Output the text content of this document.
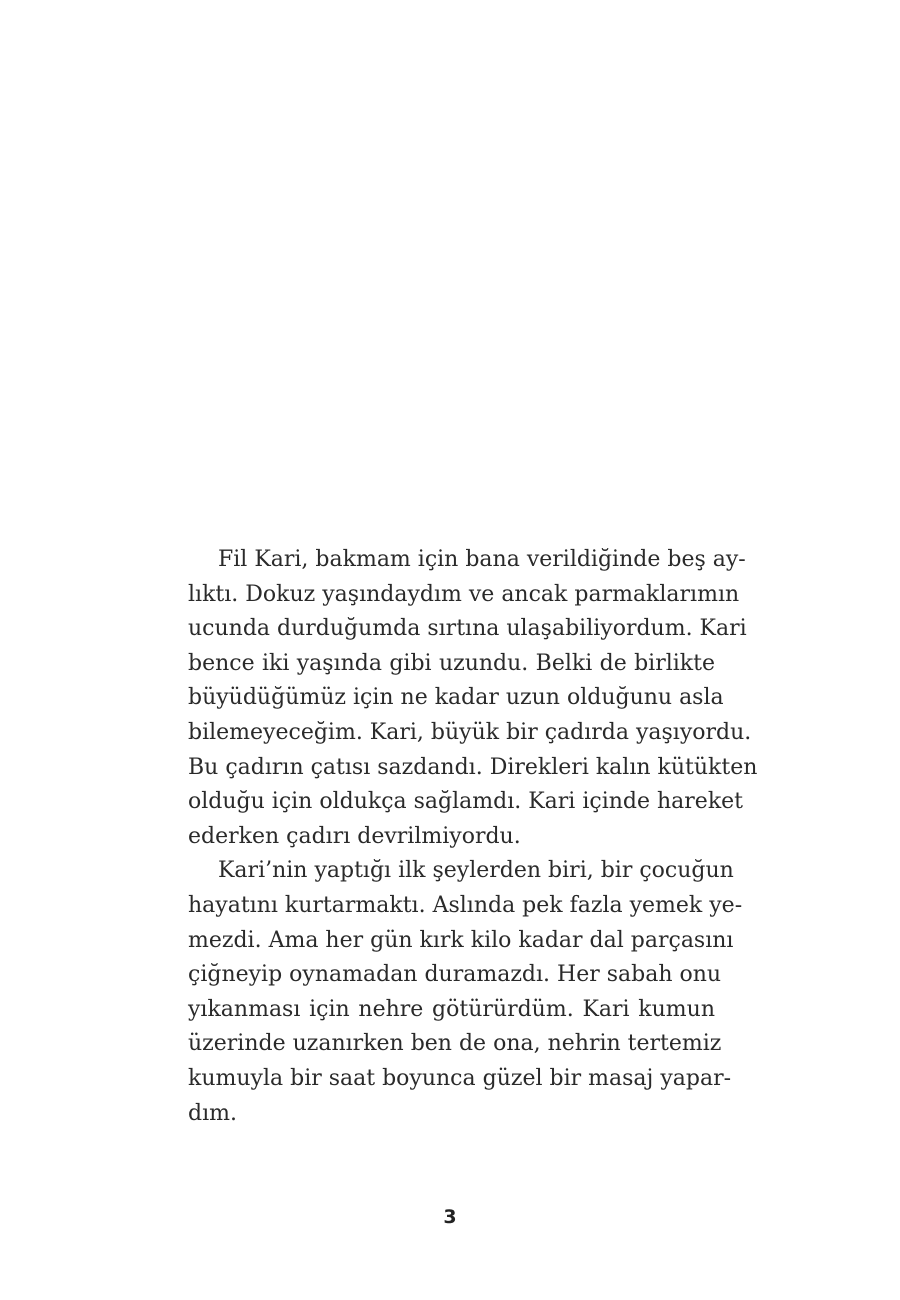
Fil Kari, bakmam için bana verildiğinde beş ay-
lıktı. Dokuz yaşındaydım ve ancak parmaklarımın
ucunda durduğumda sırtına ulaşabiliyordum. Kari
bence iki yaşında gibi uzundu. Belki de birlikte
büyüdüğümüz için ne kadar uzun olduğunu asla
bilemeyeceğim. Kari, büyük bir çadırda yaşıyordu.
Bu çadırın çatısı sazdandı. Direkleri kalın kütükten
olduğu için oldukça sağlamdı. Kari içinde hareket
ederken çadırı devrilmiyordu.
Kari’nin yaptığı ilk şeylerden biri, bir çocuğun
hayatını kurtarmaktı. Aslında pek fazla yemek ye-
mezdi. Ama her gün kırk kilo kadar dal parçasını
çiğneyip oynamadan duramazdı. Her sabah onu
yıkanması için nehre götürürdüm. Kari kumun
üzerinde uzanırken ben de ona, nehrin tertemiz
kumuyla bir saat boyunca güzel bir masaj yapar-
dım.
3
